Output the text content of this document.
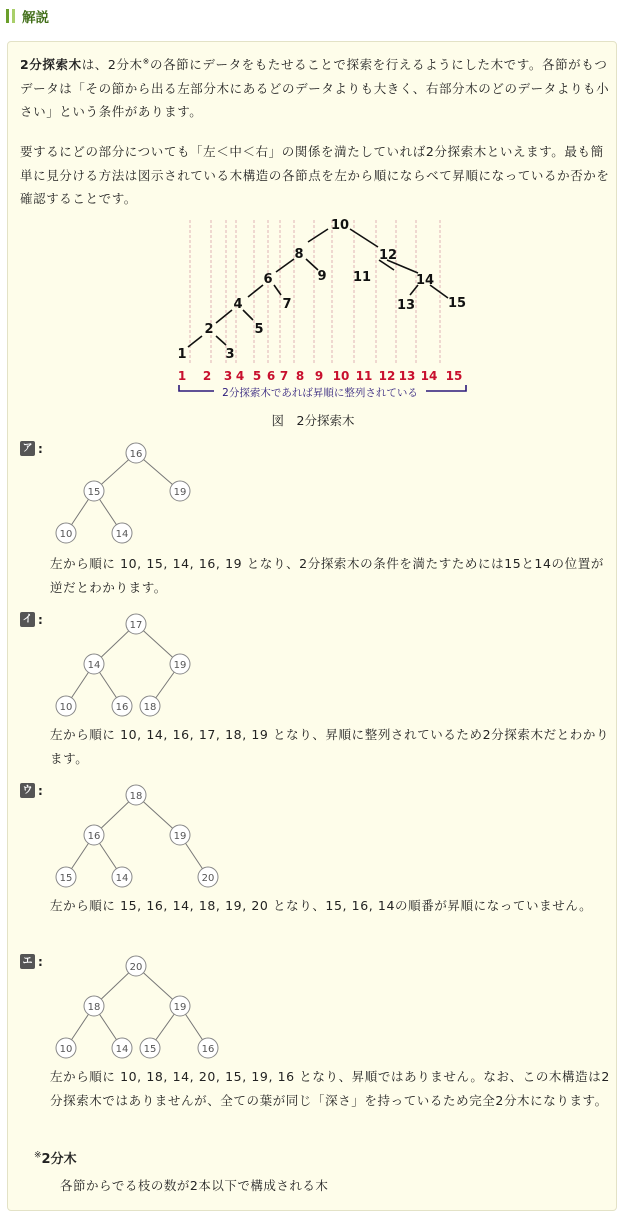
解説

2分探索木は、2分木※の各節にデータをもたせることで探索を行えるようにした木です。各節がもつデータは「その節から出る左部分木にあるどのデータよりも大きく、右部分木のどのデータよりも小さい」という条件があります。

要するにどの部分についても「左＜中＜右」の関係を満たしていれば2分探索木といえます。最も簡単に見分ける方法は図示されている木構造の各節点を左から順にならべて昇順になっているか否かを確認することです。

10
8
9
12
11
6
7
14
13	15
4
5
2
3
1
1 2 3 4 5 6 7 8 9 10 11 12 13 14 15
2分探索木であれば昇順に整列されている
図　2分探索木
ア :	16
15	19
10	14

左から順に 10, 15, 14, 16, 19 となり、2分探索木の条件を満たすためには15と14の位置が逆だとわかります。

イ :	17
14	19
10	16 18

左から順に 10, 14, 16, 17, 18, 19 となり、昇順に整列されているため2分探索木だとわかります。

ウ :	18
16	19
15	14	20

左から順に 15, 16, 14, 18, 19, 20 となり、15, 16, 14の順番が昇順になっていません。

エ :	20
18	19
10	14 15	16

左から順に 10, 18, 14, 20, 15, 19, 16 となり、昇順ではありません。なお、この木構造は2分探索木ではありませんが、全ての葉が同じ「深さ」を持っているため完全2分木になります。

※2分木
各節からでる枝の数が2本以下で構成される木
